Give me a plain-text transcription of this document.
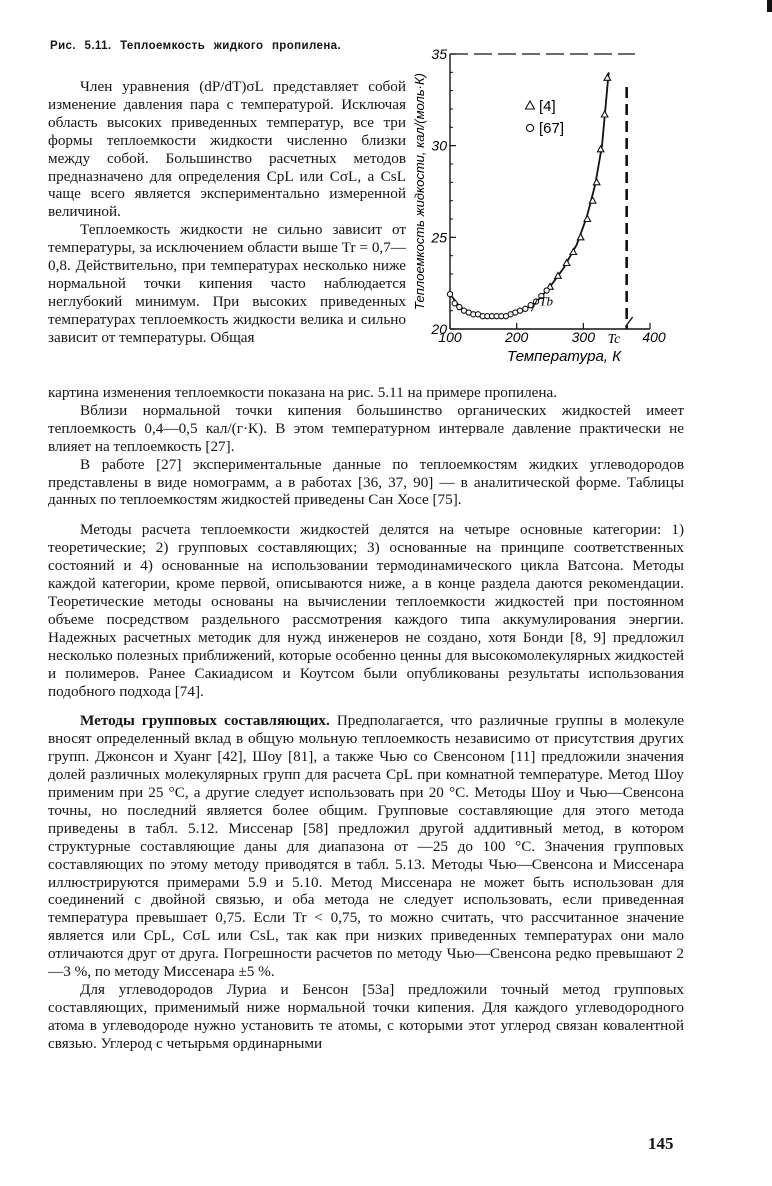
Рис. 5.11. Теплоемкость жидкого пропилена.

Член уравнения (dP/dT)σL представляет собой изменение давления пара с температурой. Исключая область высоких приведенных температур, все три формы теплоемкости жидкости численно близки между собой. Большинство расчетных методов предназначено для определения CpL или CσL, а CsL чаще всего является экспериментально измеренной величиной.

Теплоемкость жидкости не сильно зависит от температуры, за исключением области выше Tr = 0,7—0,8. Действительно, при температурах несколько ниже нормальной точки кипения часто наблюдается неглубокий минимум. При высоких приведенных температурах теплоемкость жидкости велика и сильно зависит от температуры. Общая	20
25
30
35
100	200	300	400
[4]
[67]
Tb
Tc
Температура, К
Теплоемкость жидкости, кал/(моль·К)

картина изменения теплоемкости показана на рис. 5.11 на примере пропилена.

Вблизи нормальной точки кипения большинство органических жидкостей имеет теплоемкость 0,4—0,5 кал/(г·К). В этом температурном интервале давление практически не влияет на теплоемкость [27].

В работе [27] экспериментальные данные по теплоемкостям жидких углеводородов представлены в виде номограмм, а в работах [36, 37, 90] — в аналитической форме. Таблицы данных по теплоемкостям жидкостей приведены Сан Хосе [75].

Методы расчета теплоемкости жидкостей делятся на четыре основные категории: 1) теоретические; 2) групповых составляющих; 3) основанные на принципе соответственных состояний и 4) основанные на использовании термодинамического цикла Ватсона. Методы каждой категории, кроме первой, описываются ниже, а в конце раздела даются рекомендации. Теоретические методы основаны на вычислении теплоемкости жидкостей при постоянном объеме посредством раздельного рассмотрения каждого типа аккумулирования энергии. Надежных расчетных методик для нужд инженеров не создано, хотя Бонди [8, 9] предложил несколько полезных приближений, которые особенно ценны для высокомолекулярных жидкостей и полимеров. Ранее Сакиадисом и Коутсом были опубликованы результаты использования подобного подхода [74].

Методы групповых составляющих. Предполагается, что различные группы в молекуле вносят определенный вклад в общую мольную теплоемкость независимо от присутствия других групп. Джонсон и Хуанг [42], Шоу [81], а также Чью со Свенсоном [11] предложили значения долей различных молекулярных групп для расчета CpL при комнатной температуре. Метод Шоу применим при 25 °С, а другие следует использовать при 20 °С. Методы Шоу и Чью—Свенсона точны, но последний является более общим. Групповые составляющие для этого метода приведены в табл. 5.12. Миссенар [58] предложил другой аддитивный метод, в котором структурные составляющие даны для диапазона от —25 до 100 °С. Значения групповых составляющих по этому методу приводятся в табл. 5.13. Методы Чью—Свенсона и Миссенара иллюстрируются примерами 5.9 и 5.10. Метод Миссенара не может быть использован для соединений с двойной связью, и оба метода не следует использовать, если приведенная температура превышает 0,75. Если Tr < 0,75, то можно считать, что рассчитанное значение является или CpL, CσL или CsL, так как при низких приведенных температурах они мало отличаются друг от друга. Погрешности расчетов по методу Чью—Свенсона редко превышают 2—3 %, по методу Миссенара ±5 %.

Для углеводородов Луриа и Бенсон [53а] предложили точный метод групповых составляющих, применимый ниже нормальной точки кипения. Для каждого углеводородного атома в углеводороде нужно установить те атомы, с которыми этот углерод связан ковалентной связью. Углерод с четырьмя ординарными

145
